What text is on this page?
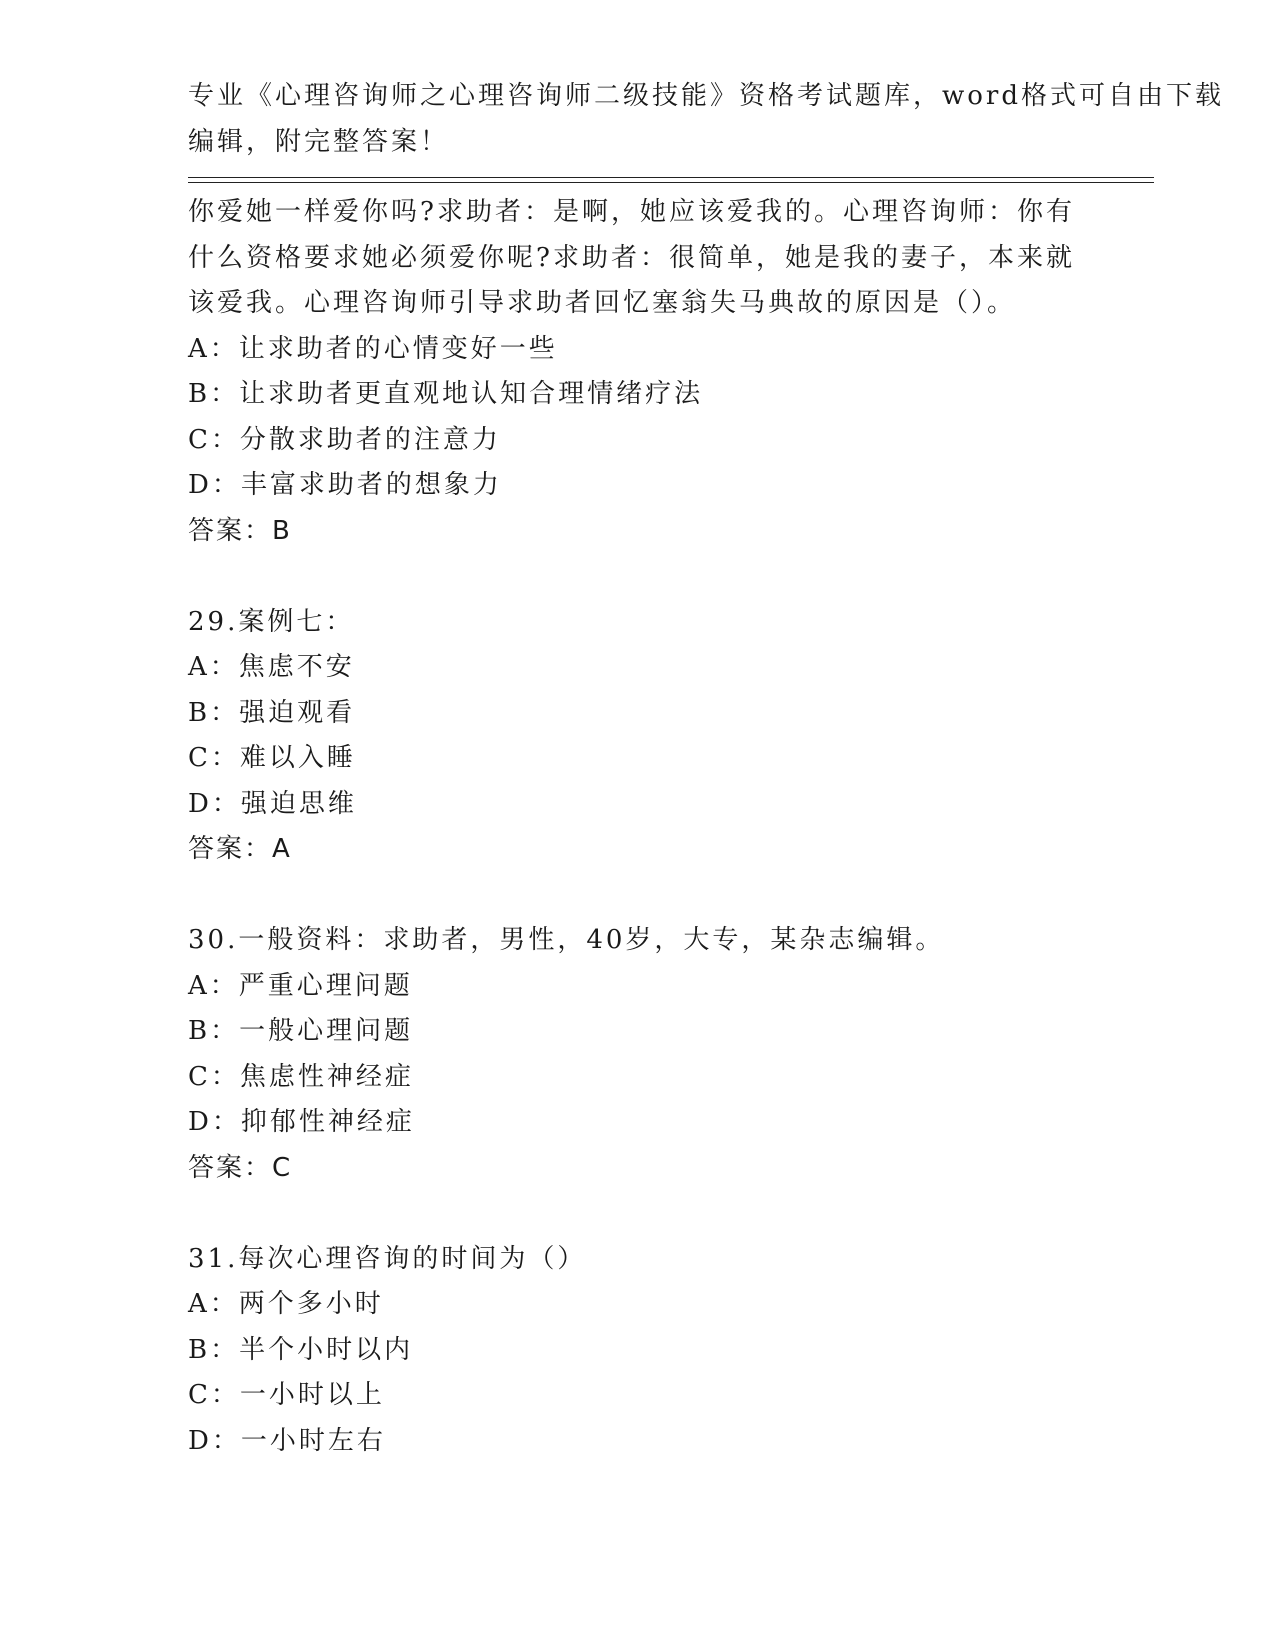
专业《心理咨询师之心理咨询师二级技能》资格考试题库，word格式可自由下载
编辑，附完整答案！
你爱她一样爱你吗?求助者：是啊，她应该爱我的。心理咨询师：你有
什么资格要求她必须爱你呢?求助者：很简单，她是我的妻子，本来就
该爱我。心理咨询师引导求助者回忆塞翁失马典故的原因是（）。
A：让求助者的心情变好一些
B：让求助者更直观地认知合理情绪疗法
C：分散求助者的注意力
D：丰富求助者的想象力
答案：B
29.案例七：
A：焦虑不安
B：强迫观看
C：难以入睡
D：强迫思维
答案：A
30.一般资料：求助者，男性，40岁，大专，某杂志编辑。
A：严重心理问题
B：一般心理问题
C：焦虑性神经症
D：抑郁性神经症
答案：C
31.每次心理咨询的时间为（）
A：两个多小时
B：半个小时以内
C：一小时以上
D：一小时左右
